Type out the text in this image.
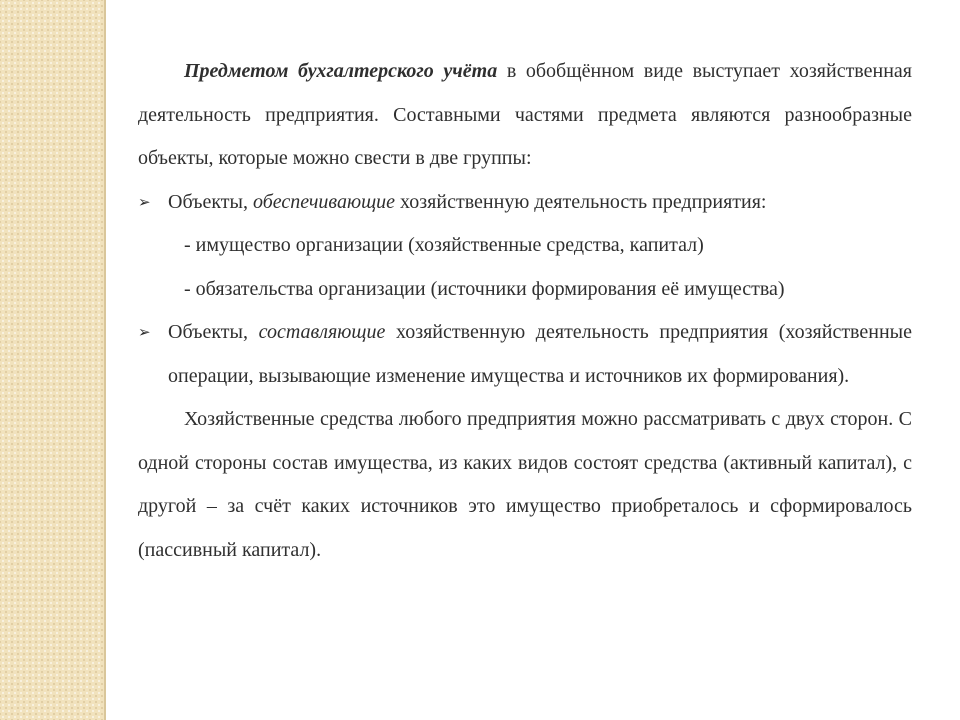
Предметом бухгалтерского учёта в обобщённом виде выступает хозяйственная деятельность предприятия. Составными частями предмета являются разнообразные объекты, которые можно свести в две группы:

➢ Объекты, обеспечивающие хозяйственную деятельность предприятия:

- имущество организации (хозяйственные средства, капитал)

- обязательства организации (источники формирования её имущества)

➢ Объекты, составляющие хозяйственную деятельность предприятия (хозяйственные операции, вызывающие изменение имущества и источников их формирования).

Хозяйственные средства любого предприятия можно рассматривать с двух сторон. С одной стороны состав имущества, из каких видов состоят средства (активный капитал), с другой – за счёт каких источников это имущество приобреталось и сформировалось (пассивный капитал).
